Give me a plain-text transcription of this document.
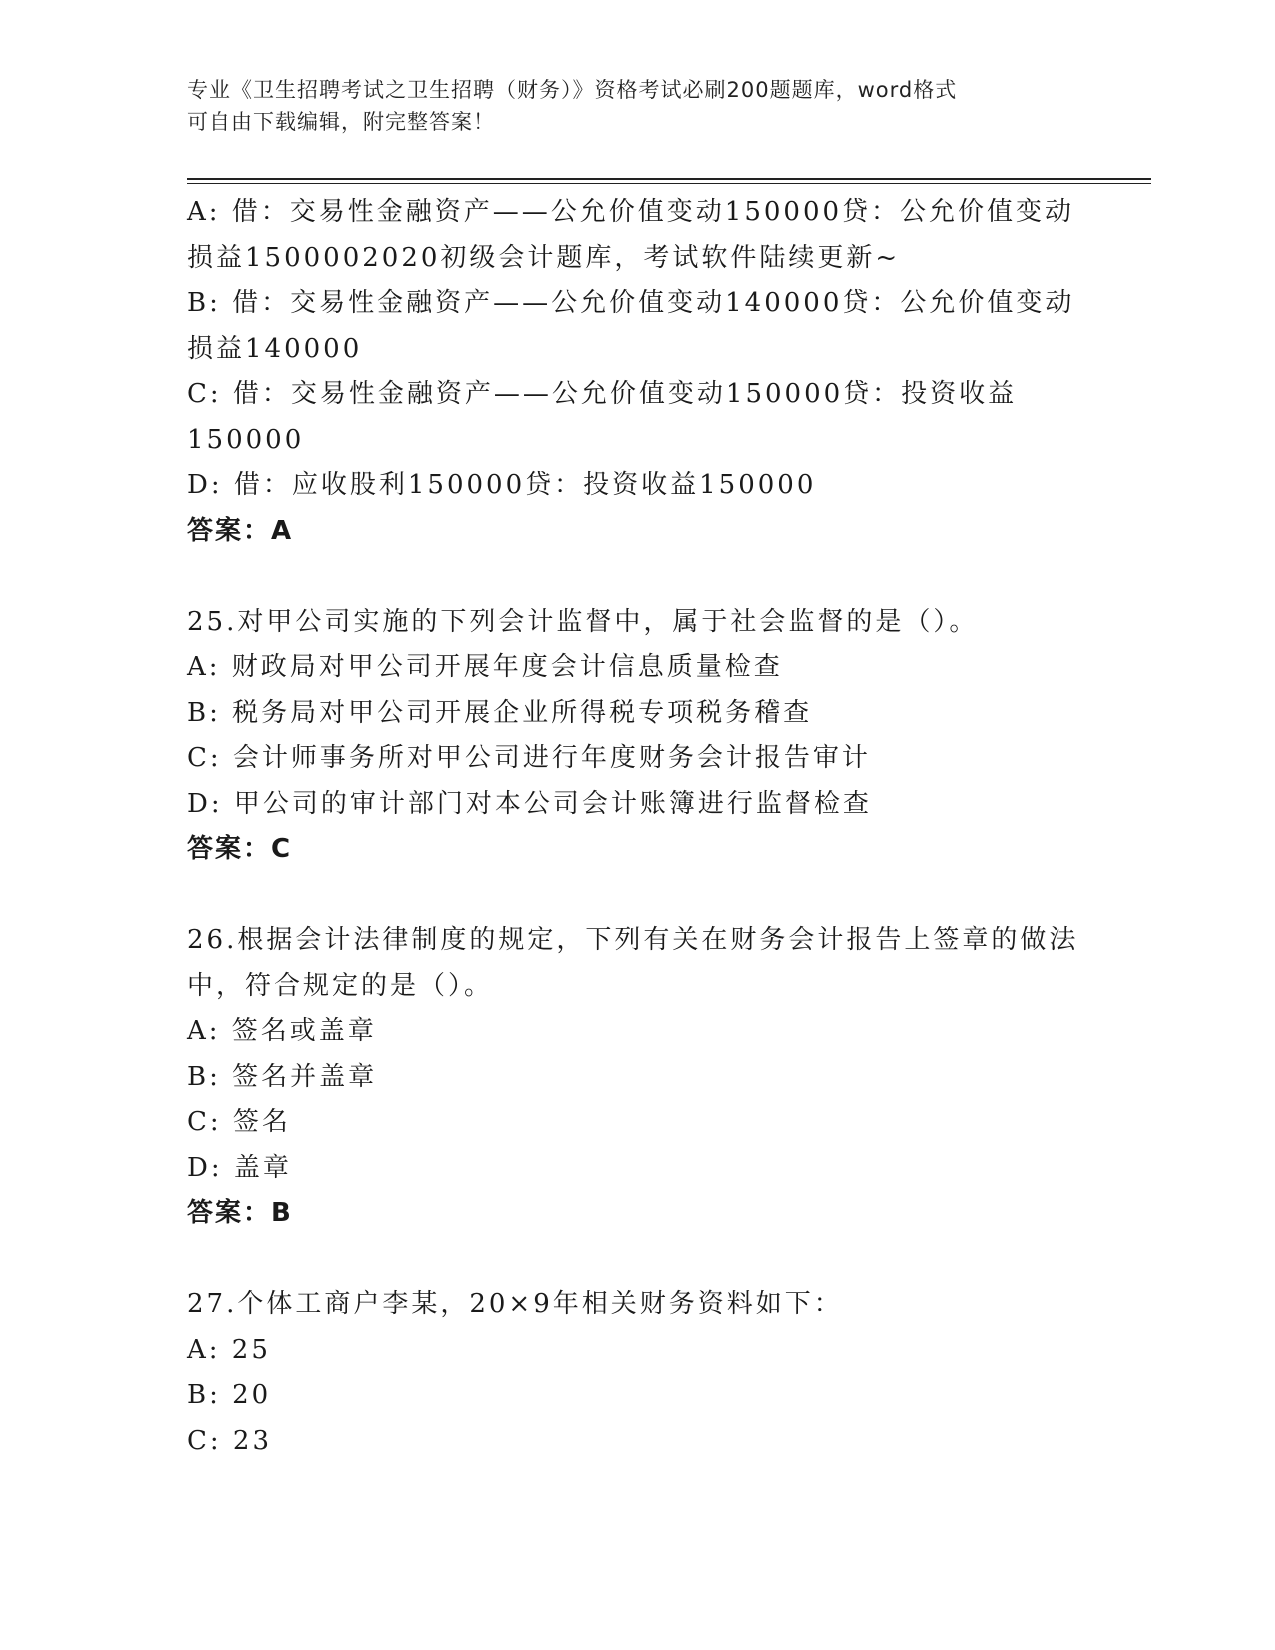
专业《卫生招聘考试之卫生招聘（财务）》资格考试必刷200题题库，word格式
可自由下载编辑，附完整答案！
A: 借：交易性金融资产——公允价值变动150000贷：公允价值变动
损益1500002020初级会计题库，考试软件陆续更新~
B: 借：交易性金融资产——公允价值变动140000贷：公允价值变动
损益140000
C: 借：交易性金融资产——公允价值变动150000贷：投资收益
150000
D: 借：应收股利150000贷：投资收益150000
答案：A
25.对甲公司实施的下列会计监督中，属于社会监督的是（）。
A: 财政局对甲公司开展年度会计信息质量检查
B: 税务局对甲公司开展企业所得税专项税务稽查
C: 会计师事务所对甲公司进行年度财务会计报告审计
D: 甲公司的审计部门对本公司会计账簿进行监督检查
答案：C
26.根据会计法律制度的规定，下列有关在财务会计报告上签章的做法
中，符合规定的是（）。
A: 签名或盖章
B: 签名并盖章
C: 签名
D: 盖章
答案：B
27.个体工商户李某，20×9年相关财务资料如下：
A: 25
B: 20
C: 23
